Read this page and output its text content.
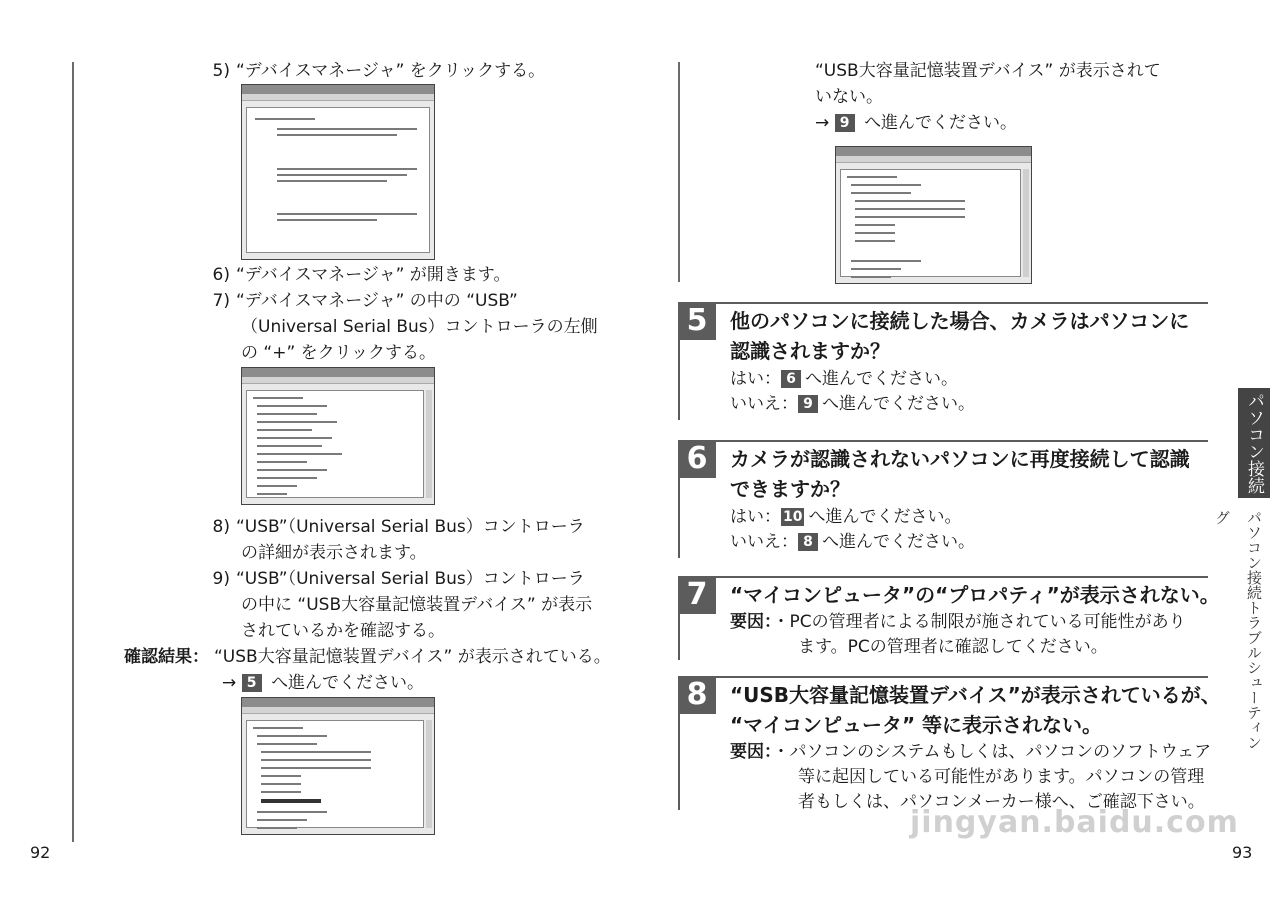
5) “デバイスマネージャ” をクリックする。
6) “デバイスマネージャ” が開きます。
7) “デバイスマネージャ” の中の “USB”
（Universal Serial Bus）コントローラの左側
の “+” をクリックする。
8) “USB”（Universal Serial Bus）コントローラ
の詳細が表示されます。
9) “USB”（Universal Serial Bus）コントローラ
の中に “USB大容量記憶装置デバイス” が表示
されているかを確認する。
確認結果： “USB大容量記憶装置デバイス” が表示されている。
→ 5 へ進んでください。
“USB大容量記憶装置デバイス” が表示されて
いない。
→ 9 へ進んでください。
5	他のパソコンに接続した場合、カメラはパソコンに
認識されますか？
はい： 6 へ進んでください。
いいえ： 9 へ進んでください。
6	カメラが認識されないパソコンに再度接続して認識
できますか？
はい： 10 へ進んでください。
いいえ： 8 へ進んでください。
7	“マイコンピュータ”の“プロパティ”が表示されない。
要因：・PCの管理者による制限が施されている可能性があり
ます。PCの管理者に確認してください。
8	“USB大容量記憶装置デバイス”が表示されているが、
“マイコンピュータ” 等に表示されない。
要因：・パソコンのシステムもしくは、パソコンのソフトウェア
等に起因している可能性があります。パソコンの管理
者もしくは、パソコンメーカー様へ、ご確認下さい。
パソコン接続編
パソコン接続トラブルシューティング
92	93
jingyan.baidu.com
